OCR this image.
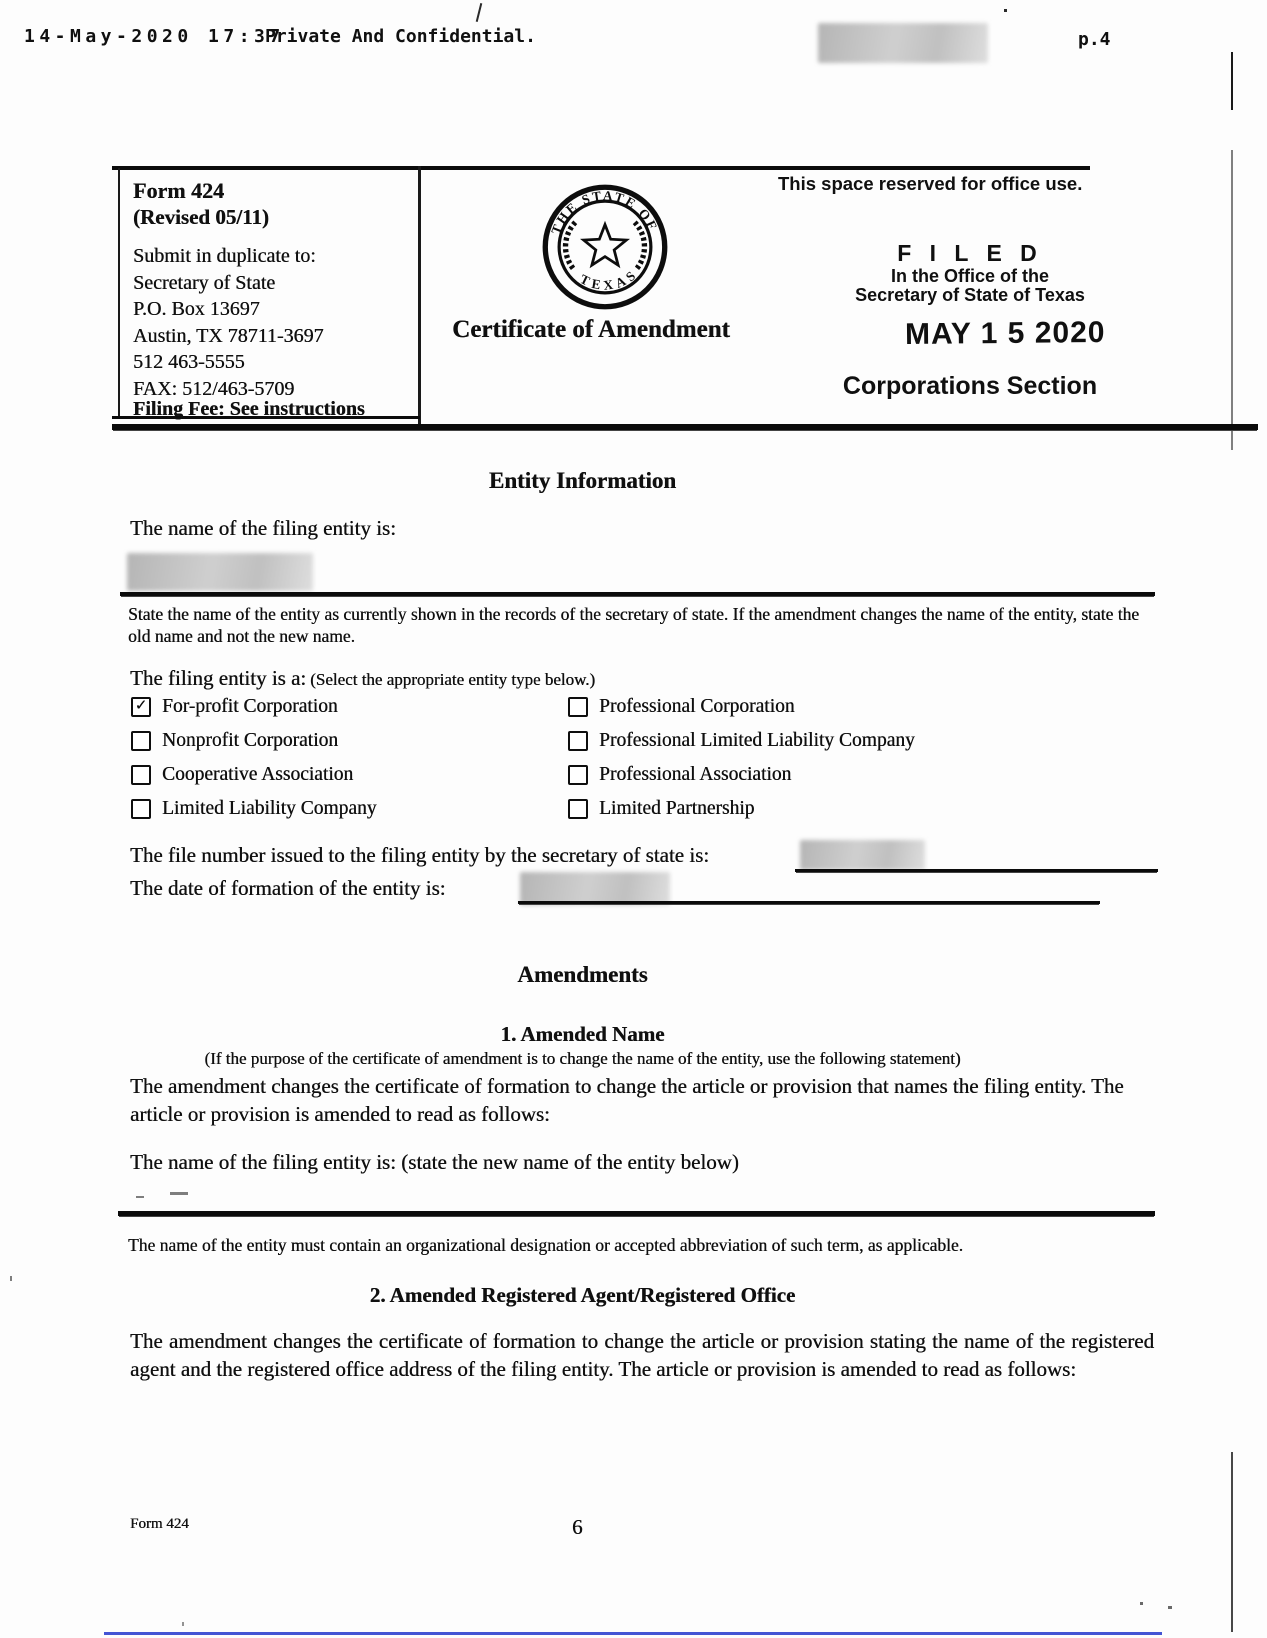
14-May-2020 17:37
Private And Confidential.	p.4
Form 424
(Revised 05/11)
Submit in duplicate to:
Secretary of State
P.O. Box 13697
Austin, TX 78711-3697
512 463-5555
FAX: 512/463-5709
Filing Fee: See instructions
THE STATE OF
TEXAS
Certificate of Amendment
This space reserved for office use.
F I L E D
In the Office of the
Secretary of State of Texas
MAY 1 5 2020
Corporations Section
Entity Information
The name of the filing entity is:
State the name of the entity as currently shown in the records of the secretary of state. If the amendment changes the name of the entity, state the old name and not the new name.
The filing entity is a: (Select the appropriate entity type below.)
✓ For-profit Corporation
Nonprofit Corporation
Cooperative Association
Limited Liability Company
Professional Corporation
Professional Limited Liability Company
Professional Association
Limited Partnership
The file number issued to the filing entity by the secretary of state is:
The date of formation of the entity is:
Amendments
1. Amended Name
(If the purpose of the certificate of amendment is to change the name of the entity, use the following statement)
The amendment changes the certificate of formation to change the article or provision that names the filing entity. The article or provision is amended to read as follows:
The name of the filing entity is: (state the new name of the entity below)
The name of the entity must contain an organizational designation or accepted abbreviation of such term, as applicable.
2. Amended Registered Agent/Registered Office
The amendment changes the certificate of formation to change the article or provision stating the name of the registered agent and the registered office address of the filing entity. The article or provision is amended to read as follows:
Form 424	6
